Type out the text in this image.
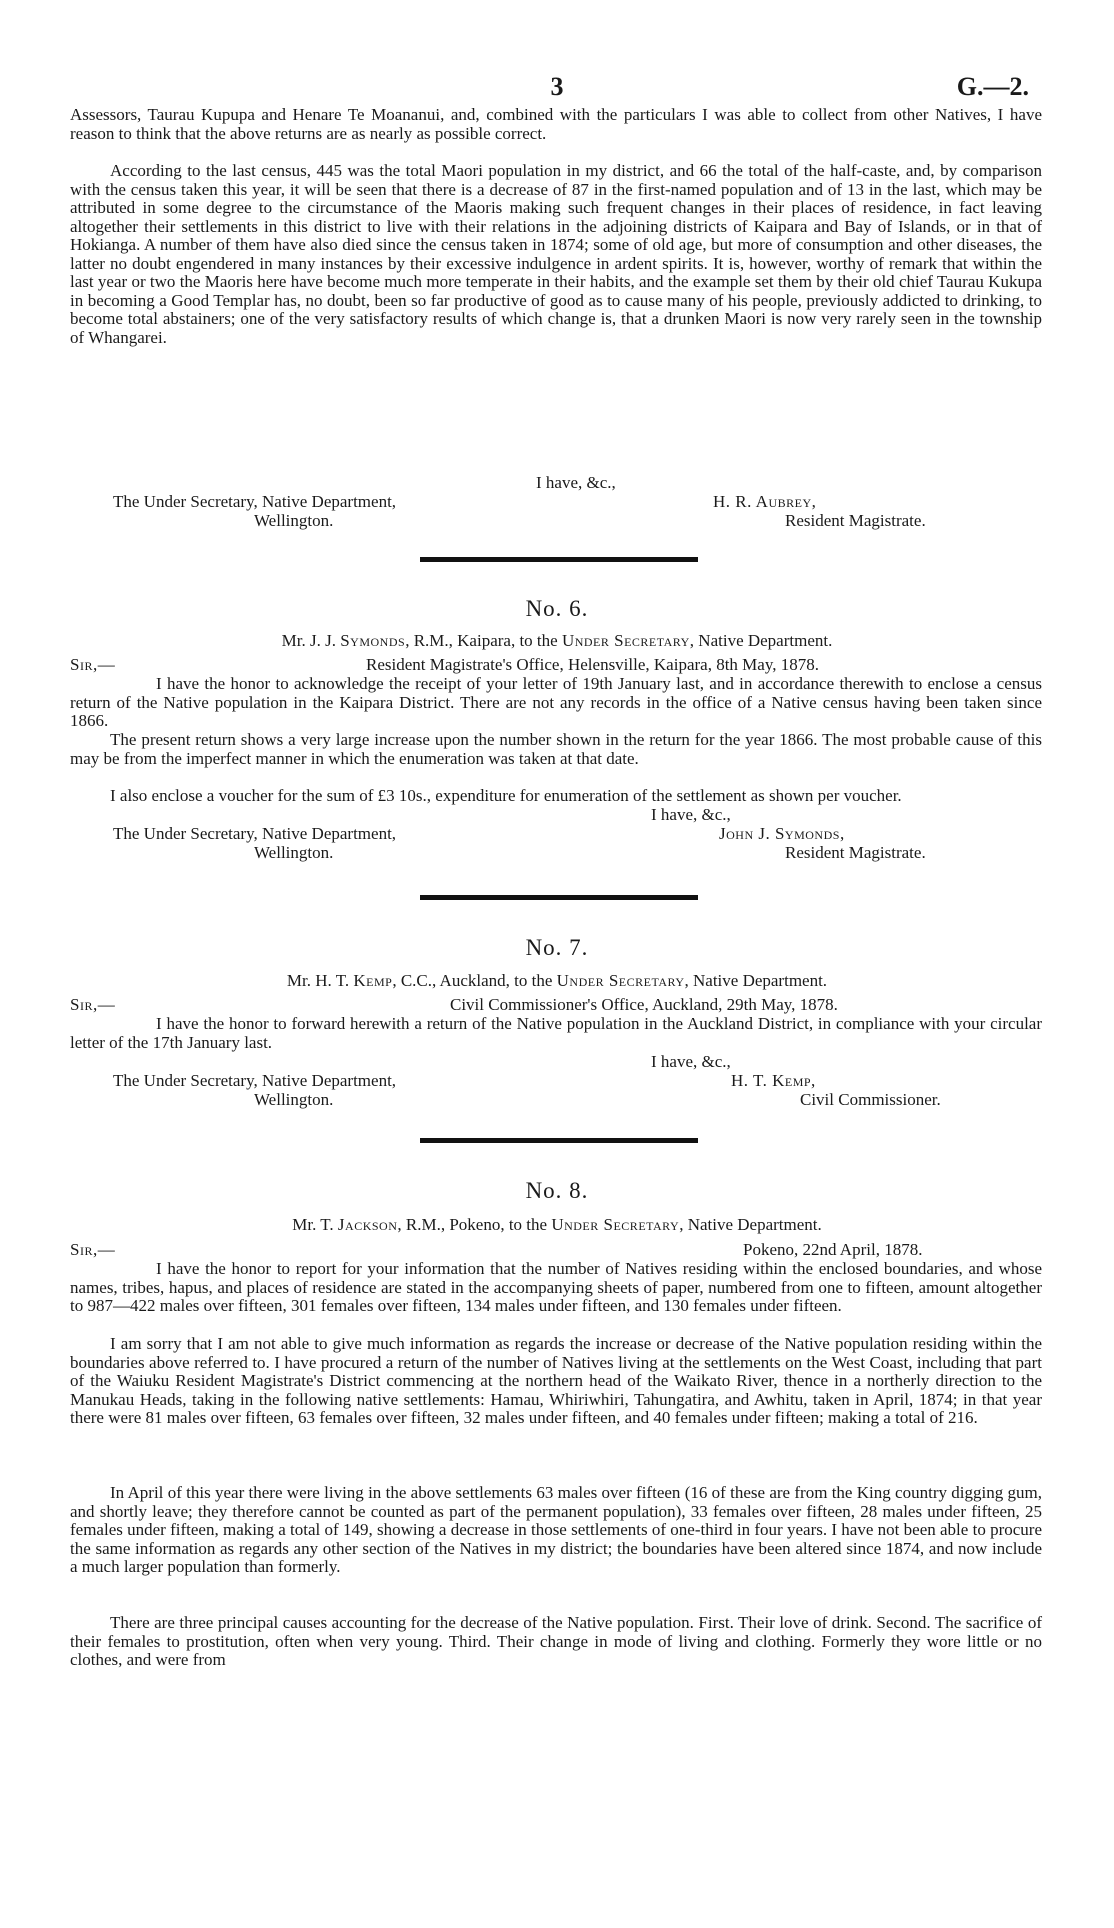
3	G.—2.

Assessors, Taurau Kupupa and Henare Te Moananui, and, combined with the particulars I was able to collect from other Natives, I have reason to think that the above returns are as nearly as possible correct.

According to the last census, 445 was the total Maori population in my district, and 66 the total of the half-caste, and, by comparison with the census taken this year, it will be seen that there is a decrease of 87 in the first-named population and of 13 in the last, which may be attributed in some degree to the circumstance of the Maoris making such frequent changes in their places of residence, in fact leaving altogether their settlements in this district to live with their relations in the adjoining districts of Kaipara and Bay of Islands, or in that of Hokianga. A number of them have also died since the census taken in 1874; some of old age, but more of consumption and other diseases, the latter no doubt engendered in many instances by their excessive indulgence in ardent spirits. It is, however, worthy of remark that within the last year or two the Maoris here have become much more temperate in their habits, and the example set them by their old chief Taurau Kukupa in becoming a Good Templar has, no doubt, been so far productive of good as to cause many of his people, previously addicted to drinking, to become total abstainers; one of the very satisfactory results of which change is, that a drunken Maori is now very rarely seen in the township of Whangarei.

I have, &c.,
The Under Secretary, Native Department,
Wellington.
H. R. Aubrey,
Resident Magistrate.
No. 6.
Mr. J. J. Symonds, R.M., Kaipara, to the Under Secretary, Native Department.
Sir,—	Resident Magistrate's Office, Helensville, Kaipara, 8th May, 1878.

I have the honor to acknowledge the receipt of your letter of 19th January last, and in accordance therewith to enclose a census return of the Native population in the Kaipara District. There are not any records in the office of a Native census having been taken since 1866.

The present return shows a very large increase upon the number shown in the return for the year 1866. The most probable cause of this may be from the imperfect manner in which the enumeration was taken at that date.

I also enclose a voucher for the sum of £3 10s., expenditure for enumeration of the settlement as shown per voucher.

I have, &c.,
The Under Secretary, Native Department,
Wellington.
John J. Symonds,
Resident Magistrate.
No. 7.
Mr. H. T. Kemp, C.C., Auckland, to the Under Secretary, Native Department.
Sir,—	Civil Commissioner's Office, Auckland, 29th May, 1878.

I have the honor to forward herewith a return of the Native population in the Auckland District, in compliance with your circular letter of the 17th January last.

I have, &c.,
The Under Secretary, Native Department,
Wellington.
H. T. Kemp,
Civil Commissioner.
No. 8.
Mr. T. Jackson, R.M., Pokeno, to the Under Secretary, Native Department.
Sir,—	Pokeno, 22nd April, 1878.

I have the honor to report for your information that the number of Natives residing within the enclosed boundaries, and whose names, tribes, hapus, and places of residence are stated in the accompanying sheets of paper, numbered from one to fifteen, amount altogether to 987—422 males over fifteen, 301 females over fifteen, 134 males under fifteen, and 130 females under fifteen.

I am sorry that I am not able to give much information as regards the increase or decrease of the Native population residing within the boundaries above referred to. I have procured a return of the number of Natives living at the settlements on the West Coast, including that part of the Waiuku Resident Magistrate's District commencing at the northern head of the Waikato River, thence in a northerly direction to the Manukau Heads, taking in the following native settlements: Hamau, Whiriwhiri, Tahungatira, and Awhitu, taken in April, 1874; in that year there were 81 males over fifteen, 63 females over fifteen, 32 males under fifteen, and 40 females under fifteen; making a total of 216.

In April of this year there were living in the above settlements 63 males over fifteen (16 of these are from the King country digging gum, and shortly leave; they therefore cannot be counted as part of the permanent population), 33 females over fifteen, 28 males under fifteen, 25 females under fifteen, making a total of 149, showing a decrease in those settlements of one-third in four years. I have not been able to procure the same information as regards any other section of the Natives in my district; the boundaries have been altered since 1874, and now include a much larger population than formerly.

There are three principal causes accounting for the decrease of the Native population. First. Their love of drink. Second. The sacrifice of their females to prostitution, often when very young. Third. Their change in mode of living and clothing. Formerly they wore little or no clothes, and were from
